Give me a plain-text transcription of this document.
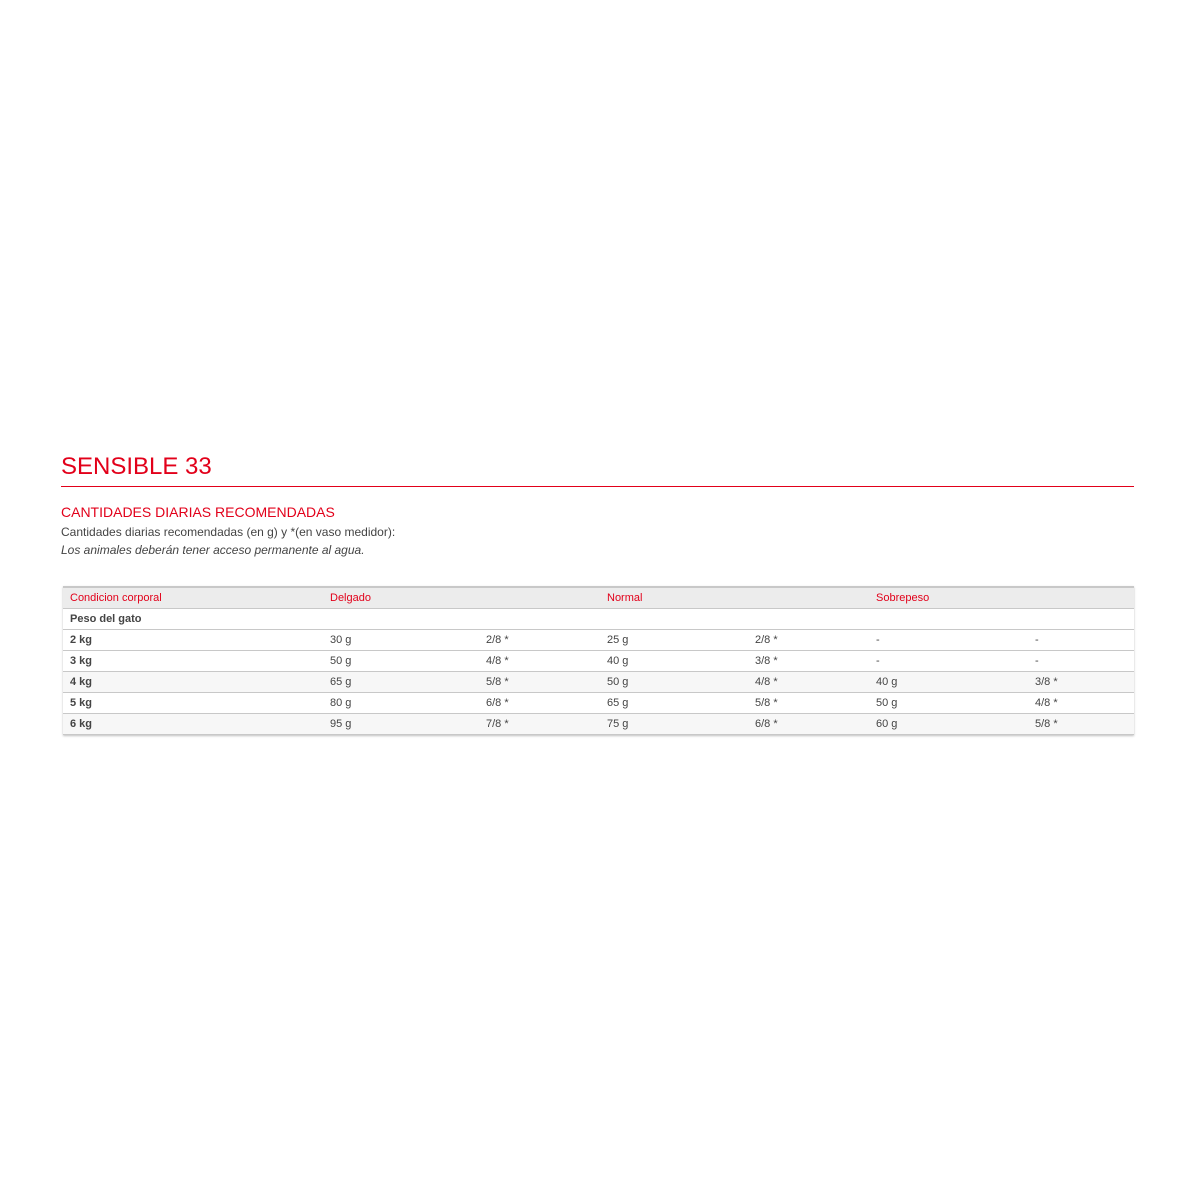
SENSIBLE 33
CANTIDADES DIARIAS RECOMENDADAS

Cantidades diarias recomendadas (en g) y *(en vaso medidor):

Los animales deberán tener acceso permanente al agua.

Condicion corporal	Delgado		Normal		Sobrepeso	
Peso del gato						
2 kg	30 g	2/8 *	25 g	2/8 *	-	-
3 kg	50 g	4/8 *	40 g	3/8 *	-	-
4 kg	65 g	5/8 *	50 g	4/8 *	40 g	3/8 *
5 kg	80 g	6/8 *	65 g	5/8 *	50 g	4/8 *
6 kg	95 g	7/8 *	75 g	6/8 *	60 g	5/8 *
